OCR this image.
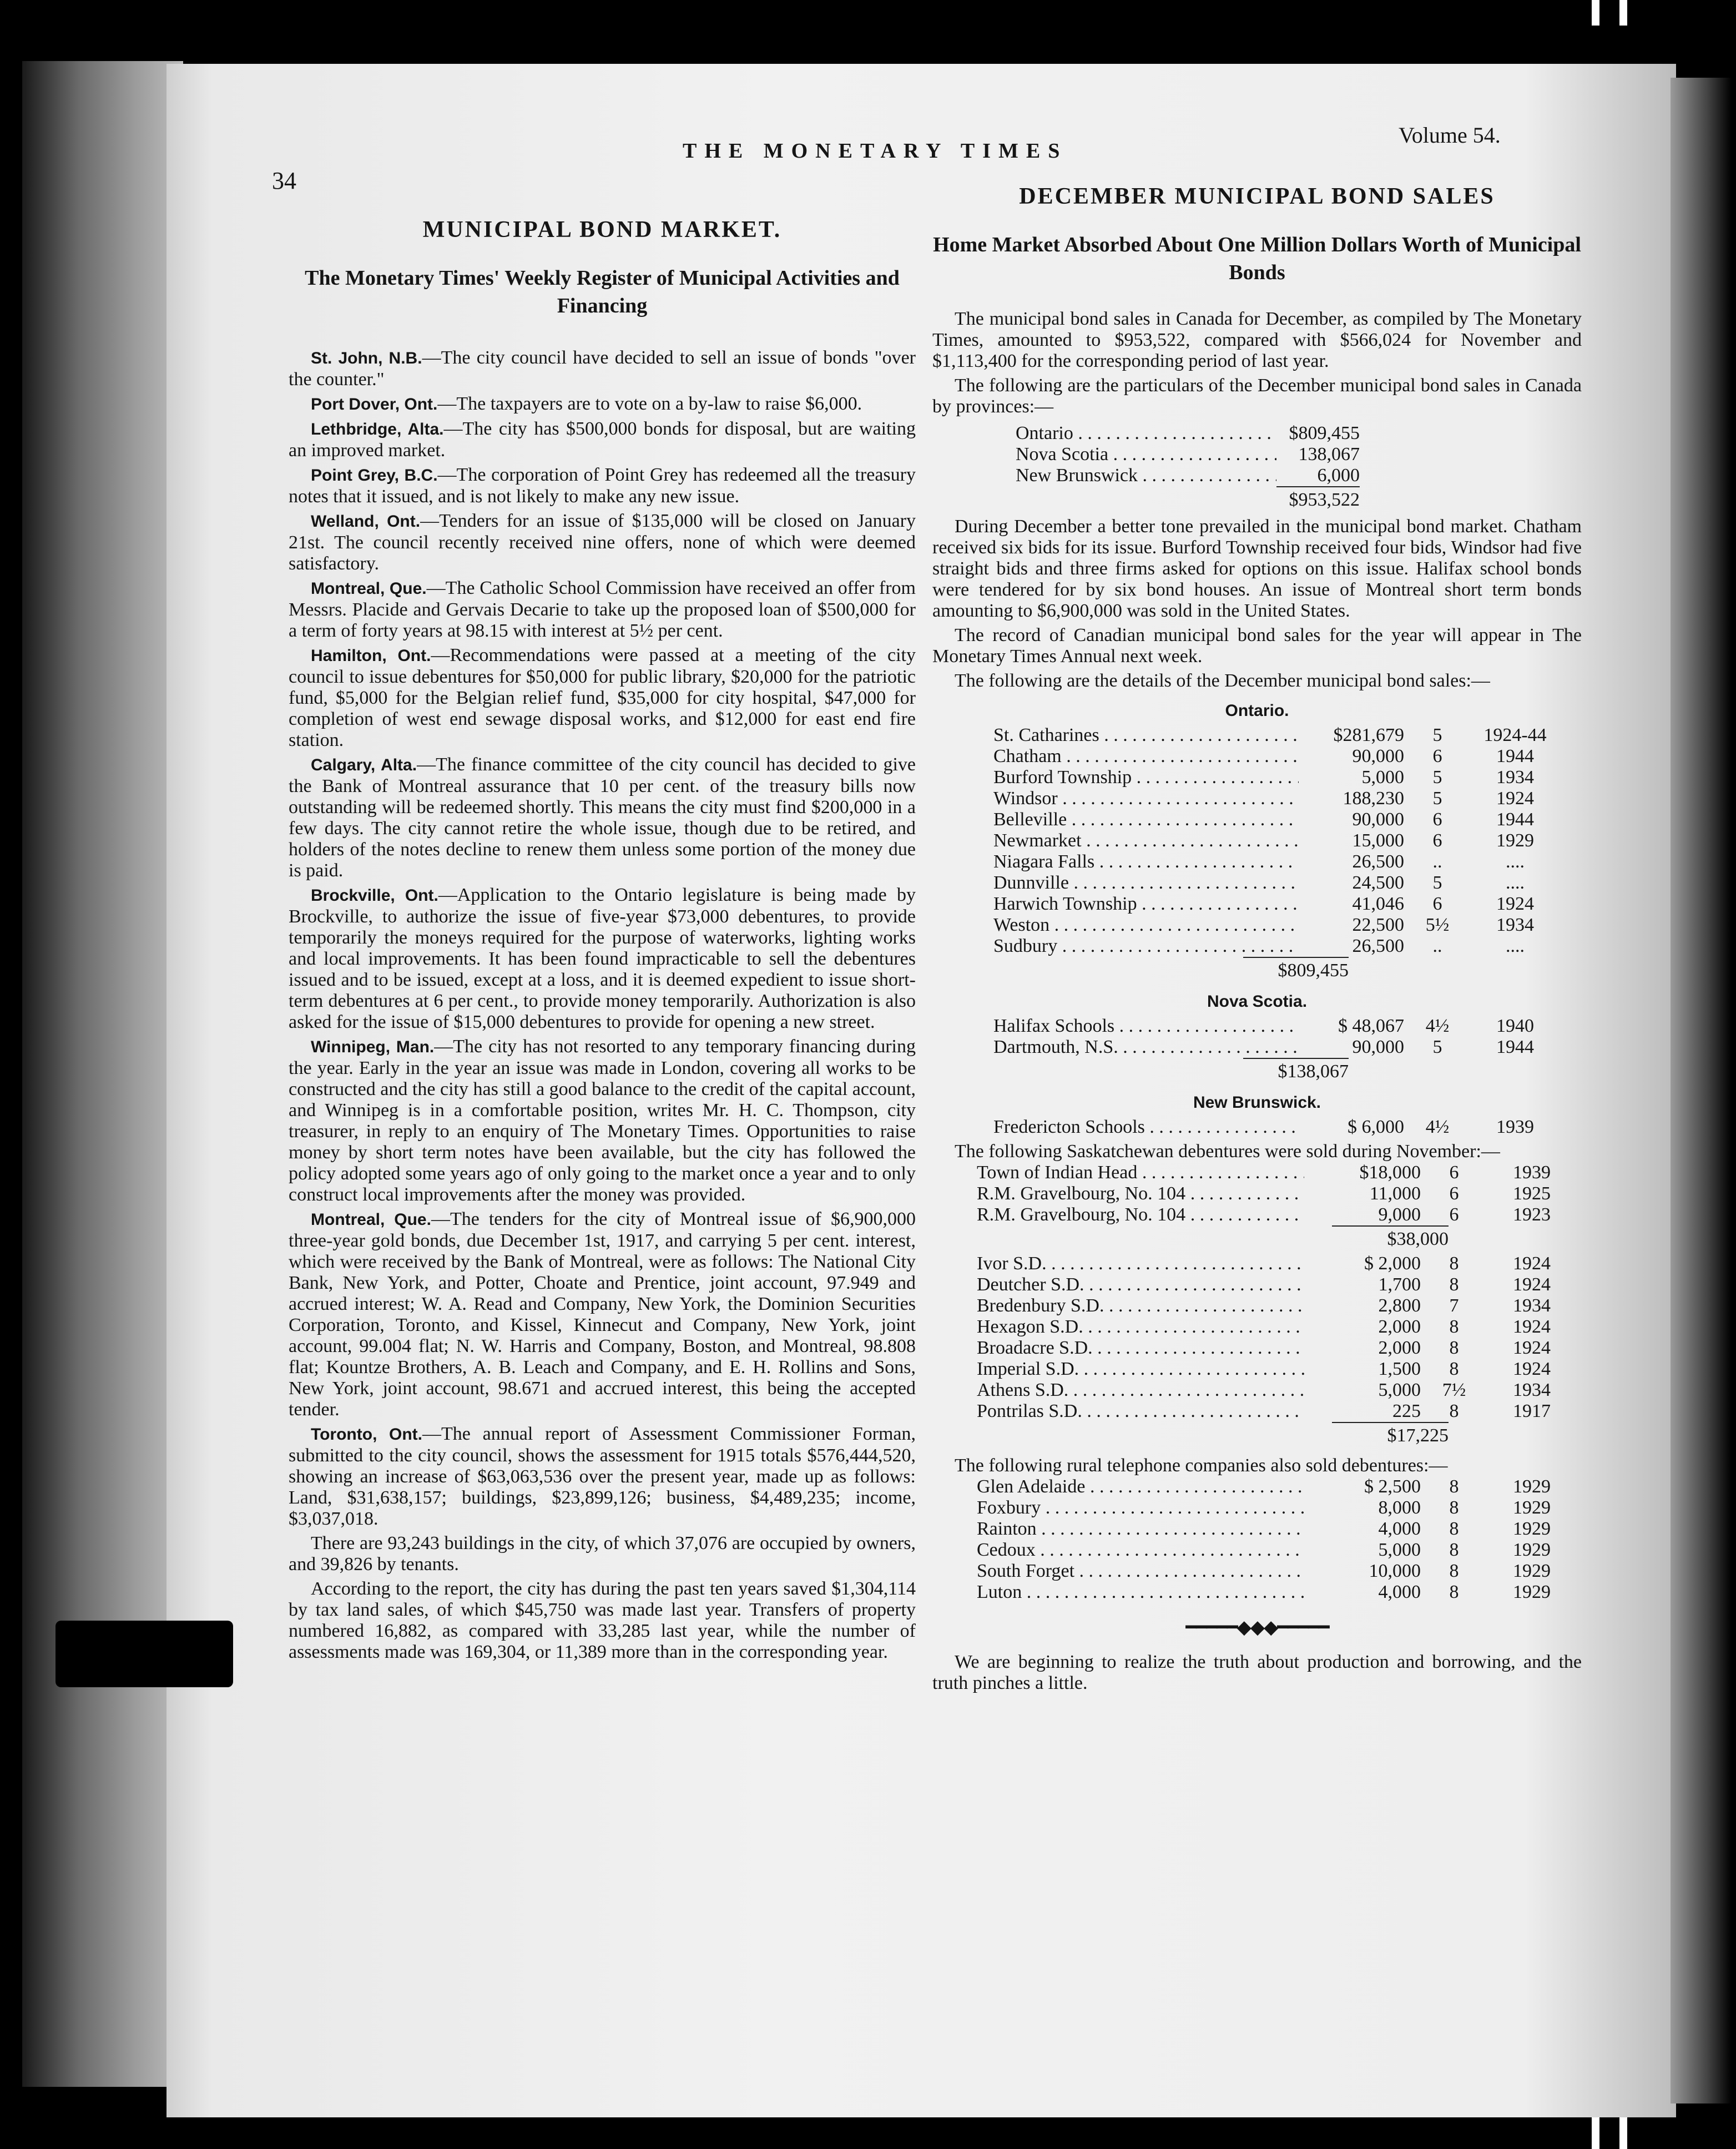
34
THE MONETARY TIMES
Volume 54.
MUNICIPAL BOND MARKET.
The Monetary Times' Weekly Register of Municipal Activities and Financing

St. John, N.B.—The city council have decided to sell an issue of bonds "over the counter."

Port Dover, Ont.—The taxpayers are to vote on a by-law to raise $6,000.

Lethbridge, Alta.—The city has $500,000 bonds for disposal, but are waiting an improved market.

Point Grey, B.C.—The corporation of Point Grey has redeemed all the treasury notes that it issued, and is not likely to make any new issue.

Welland, Ont.—Tenders for an issue of $135,000 will be closed on January 21st. The council recently received nine offers, none of which were deemed satisfactory.

Montreal, Que.—The Catholic School Commission have received an offer from Messrs. Placide and Gervais Decarie to take up the proposed loan of $500,000 for a term of forty years at 98.15 with interest at 5½ per cent.

Hamilton, Ont.—Recommendations were passed at a meeting of the city council to issue debentures for $50,000 for public library, $20,000 for the patriotic fund, $5,000 for the Belgian relief fund, $35,000 for city hospital, $47,000 for completion of west end sewage disposal works, and $12,000 for east end fire station.

Calgary, Alta.—The finance committee of the city council has decided to give the Bank of Montreal assurance that 10 per cent. of the treasury bills now outstanding will be redeemed shortly. This means the city must find $200,000 in a few days. The city cannot retire the whole issue, though due to be retired, and holders of the notes decline to renew them unless some portion of the money due is paid.

Brockville, Ont.—Application to the Ontario legislature is being made by Brockville, to authorize the issue of five-year $73,000 debentures, to provide temporarily the moneys required for the purpose of waterworks, lighting works and local improvements. It has been found impracticable to sell the debentures issued and to be issued, except at a loss, and it is deemed expedient to issue short-term debentures at 6 per cent., to provide money temporarily. Authorization is also asked for the issue of $15,000 debentures to provide for opening a new street.

Winnipeg, Man.—The city has not resorted to any temporary financing during the year. Early in the year an issue was made in London, covering all works to be constructed and the city has still a good balance to the credit of the capital account, and Winnipeg is in a comfortable position, writes Mr. H. C. Thompson, city treasurer, in reply to an enquiry of The Monetary Times. Opportunities to raise money by short term notes have been available, but the city has followed the policy adopted some years ago of only going to the market once a year and to only construct local improvements after the money was provided.

Montreal, Que.—The tenders for the city of Montreal issue of $6,900,000 three-year gold bonds, due December 1st, 1917, and carrying 5 per cent. interest, which were received by the Bank of Montreal, were as follows: The National City Bank, New York, and Potter, Choate and Prentice, joint account, 97.949 and accrued interest; W. A. Read and Company, New York, the Dominion Securities Corporation, Toronto, and Kissel, Kinnecut and Company, New York, joint account, 99.004 flat; N. W. Harris and Company, Boston, and Montreal, 98.808 flat; Kountze Brothers, A. B. Leach and Company, and E. H. Rollins and Sons, New York, joint account, 98.671 and accrued interest, this being the accepted tender.

Toronto, Ont.—The annual report of Assessment Commissioner Forman, submitted to the city council, shows the assessment for 1915 totals $576,444,520, showing an increase of $63,063,536 over the present year, made up as follows: Land, $31,638,157; buildings, $23,899,126; business, $4,489,235; income, $3,037,018.

There are 93,243 buildings in the city, of which 37,076 are occupied by owners, and 39,826 by tenants.

According to the report, the city has during the past ten years saved $1,304,114 by tax land sales, of which $45,750 was made last year. Transfers of property numbered 16,882, as compared with 33,285 last year, while the number of assessments made was 169,304, or 11,389 more than in the corresponding year.

DECEMBER MUNICIPAL BOND SALES
Home Market Absorbed About One Million Dollars Worth of Municipal Bonds

The municipal bond sales in Canada for December, as compiled by The Monetary Times, amounted to $953,522, compared with $566,024 for November and $1,113,400 for the corresponding period of last year.

The following are the particulars of the December municipal bond sales in Canada by provinces:—

Ontario . . .	$809,455
Nova Scotia . . .	138,067
New Brunswick . . .	6,000
$953,522

During December a better tone prevailed in the municipal bond market. Chatham received six bids for its issue. Burford Township received four bids, Windsor had five straight bids and three firms asked for options on this issue. Halifax school bonds were tendered for by six bond houses. An issue of Montreal short term bonds amounting to $6,900,000 was sold in the United States.

The record of Canadian municipal bond sales for the year will appear in The Monetary Times Annual next week.

The following are the details of the December municipal bond sales:—

Ontario.
St. Catharines . . .	$281,679	5	1924-44
Chatham . . .	90,000	6	1944
Burford Township . . .	5,000	5	1934
Windsor . . .	188,230	5	1924
Belleville . . .	90,000	6	1944
Newmarket . . .	15,000	6	1929
Niagara Falls . . .	26,500	..	....
Dunnville . . .	24,500	5	....
Harwich Township . . .	41,046	6	1924
Weston . . .	22,500	5½	1934
Sudbury . . .	26,500	..	....
$809,455
Nova Scotia.
Halifax Schools . . .	$ 48,067	4½	1940
Dartmouth, N.S. . . .	90,000	5	1944
$138,067
New Brunswick.
Fredericton Schools . . .	$ 6,000	4½	1939

The following Saskatchewan debentures were sold during November:—

Town of Indian Head . . .	$18,000	6	1939
R.M. Gravelbourg, No. 104 . . .	11,000	6	1925
R.M. Gravelbourg, No. 104 . . .	9,000	6	1923
$38,000
Ivor S.D. . . .	$ 2,000	8	1924
Deutcher S.D. . . .	1,700	8	1924
Bredenbury S.D. . . .	2,800	7	1934
Hexagon S.D. . . .	2,000	8	1924
Broadacre S.D. . . .	2,000	8	1924
Imperial S.D. . . .	1,500	8	1924
Athens S.D. . . .	5,000	7½	1934
Pontrilas S.D. . . .	225	8	1917
$17,225

The following rural telephone companies also sold debentures:—

Glen Adelaide . . .	$ 2,500	8	1929
Foxbury . . .	8,000	8	1929
Rainton . . .	4,000	8	1929
Cedoux . . .	5,000	8	1929
South Forget . . .	10,000	8	1929
Luton . . .	4,000	8	1929
━━━━━◆◆◆━━━━━

We are beginning to realize the truth about production and borrowing, and the truth pinches a little.
